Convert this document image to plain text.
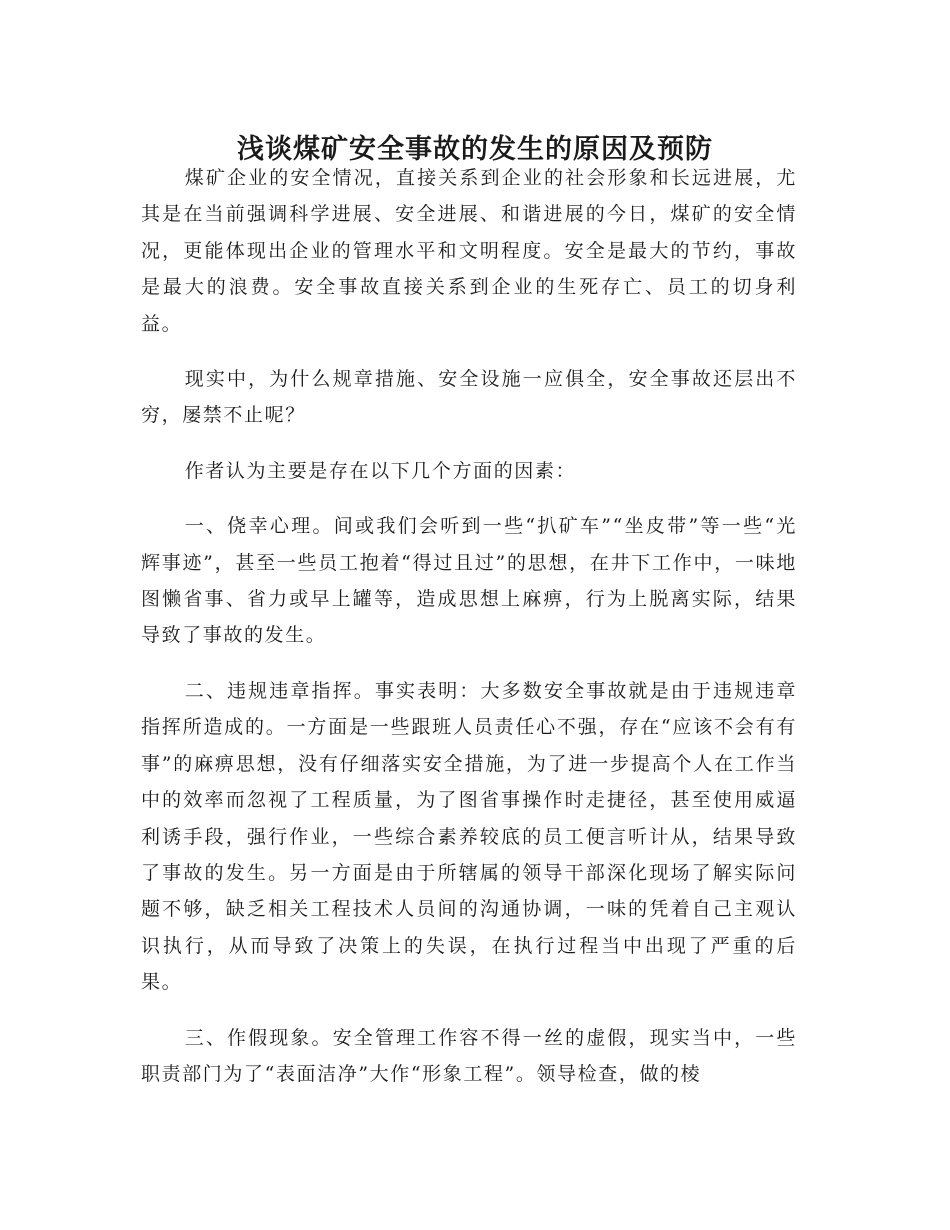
浅谈煤矿安全事故的发生的原因及预防

煤矿企业的安全情况，直接关系到企业的社会形象和长远进展，尤其是在当前强调科学进展、安全进展、和谐进展的今日，煤矿的安全情况，更能体现出企业的管理水平和文明程度。安全是最大的节约，事故是最大的浪费。安全事故直接关系到企业的生死存亡、员工的切身利益。

现实中，为什么规章措施、安全设施一应俱全，安全事故还层出不穷，屡禁不止呢？

作者认为主要是存在以下几个方面的因素：

一、侥幸心理。间或我们会听到一些“扒矿车”“坐皮带”等一些“光辉事迹”，甚至一些员工抱着“得过且过”的思想，在井下工作中，一味地图懒省事、省力或早上罐等，造成思想上麻痹，行为上脱离实际，结果导致了事故的发生。

二、违规违章指挥。事实表明：大多数安全事故就是由于违规违章指挥所造成的。一方面是一些跟班人员责任心不强，存在“应该不会有有事”的麻痹思想，没有仔细落实安全措施，为了进一步提高个人在工作当中的效率而忽视了工程质量，为了图省事操作时走捷径，甚至使用威逼利诱手段，强行作业，一些综合素养较底的员工便言听计从，结果导致了事故的发生。另一方面是由于所辖属的领导干部深化现场了解实际问题不够，缺乏相关工程技术人员间的沟通协调，一味的凭着自己主观认识执行，从而导致了决策上的失误，在执行过程当中出现了严重的后果。

三、作假现象。安全管理工作容不得一丝的虚假，现实当中，一些职责部门为了“表面洁净”大作“形象工程”。领导检查，做的棱
